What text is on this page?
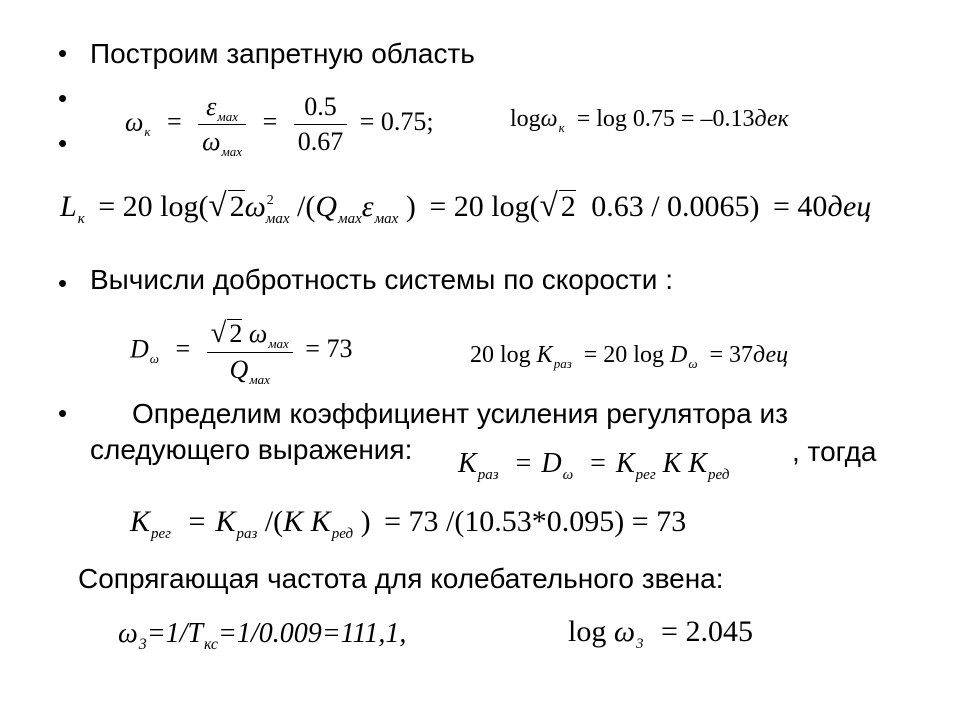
• Построим запретную область
•
•
$\omega_к = \frac{\varepsilon_{мах}}{\omega_{мах}} = \frac{0.5}{0.67} = 0.75$;	logω$_к$ = log 0.75 = –0.13дек
$L_к = 20$ log(√ $2\omega^2_{мах}$ $/(Q_{мах}\varepsilon_{мах}$ ) = 20 log(√ 2 0.63 / 0.0065) = 40дец
• Вычисли добротность системы по скорости :
$D_\omega = \frac{√ 2 \omega_{мах}}{Q_{мах}} = 73$	20 $\log K_{раз} = 20$ $\log D_\omega = 37дец$
• Определим коэффициент усиления регулятора из
следующего выражения: $K_{раз} = D_\omega = K_{рег}$ K $K_{ред}$
, тогда
$K_{рег} = K_{раз}$ /(K $K_{ред}$ ) = 73 /(10.53*0.095) = 73
Сопрягающая частота для колебательного звена:
$\omega_3=1/T_{кс}=1/0.009=111,1$,	$\log \omega_3 = 2.045$
